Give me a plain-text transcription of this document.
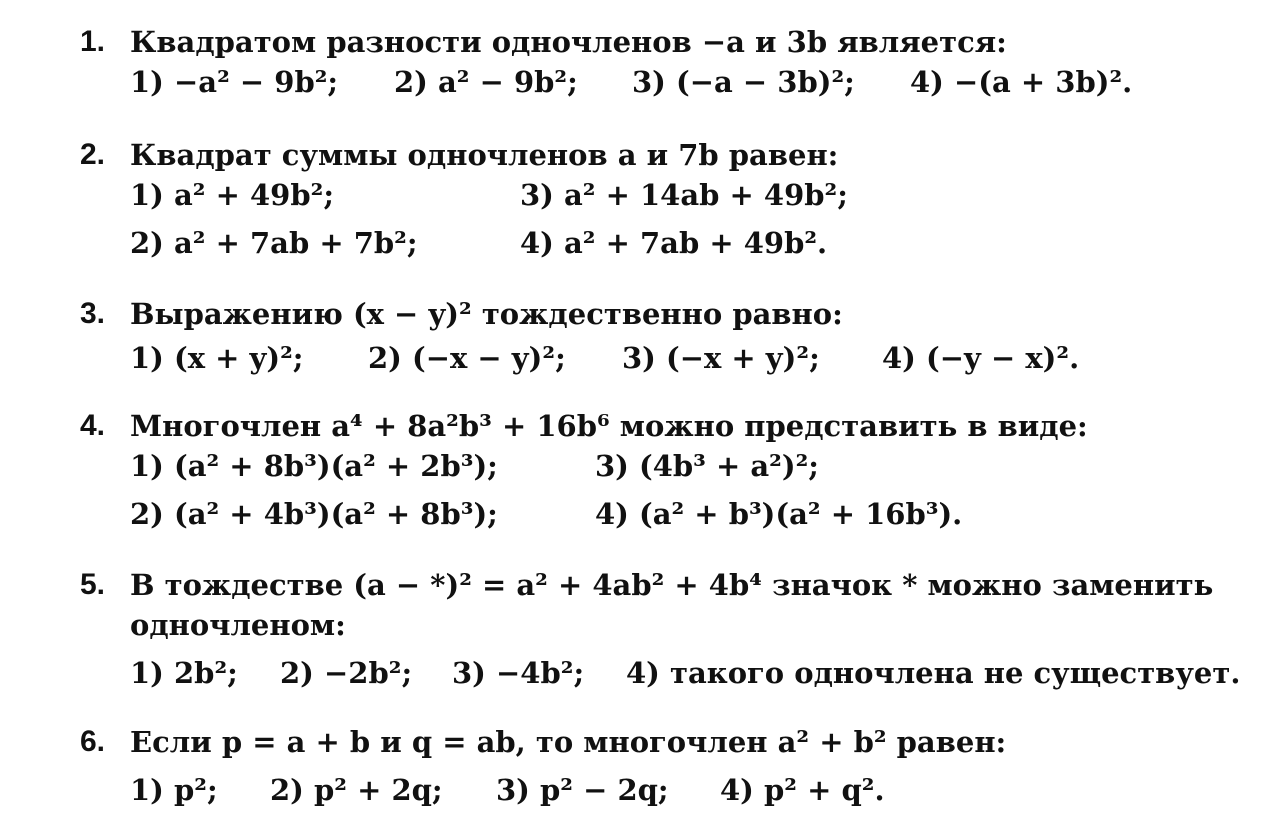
1. Квадратом разности одночленов −a и 3b является:
1) −a² − 9b²; 2) a² − 9b²; 3) (−a − 3b)²; 4) −(a + 3b)².
2. Квадрат суммы одночленов a и 7b равен:
1) a² + 49b²;	3) a² + 14ab + 49b²;
2) a² + 7ab + 7b²;	4) a² + 7ab + 49b².
3. Выражению (x − y)² тождественно равно:
1) (x + y)²; 2) (−x − y)²; 3) (−x + y)²; 4) (−y − x)².
4. Многочлен a⁴ + 8a²b³ + 16b⁶ можно представить в виде:
1) (a² + 8b³)(a² + 2b³);	3) (4b³ + a²)²;
2) (a² + 4b³)(a² + 8b³);	4) (a² + b³)(a² + 16b³).
5. В тождестве (a − *)² = a² + 4ab² + 4b⁴ значок * можно заменить
одночленом:
1) 2b²; 2) −2b²; 3) −4b²; 4) такого одночлена не существует.
6. Если p = a + b и q = ab, то многочлен a² + b² равен:
1) p²; 2) p² + 2q; 3) p² − 2q; 4) p² + q².
